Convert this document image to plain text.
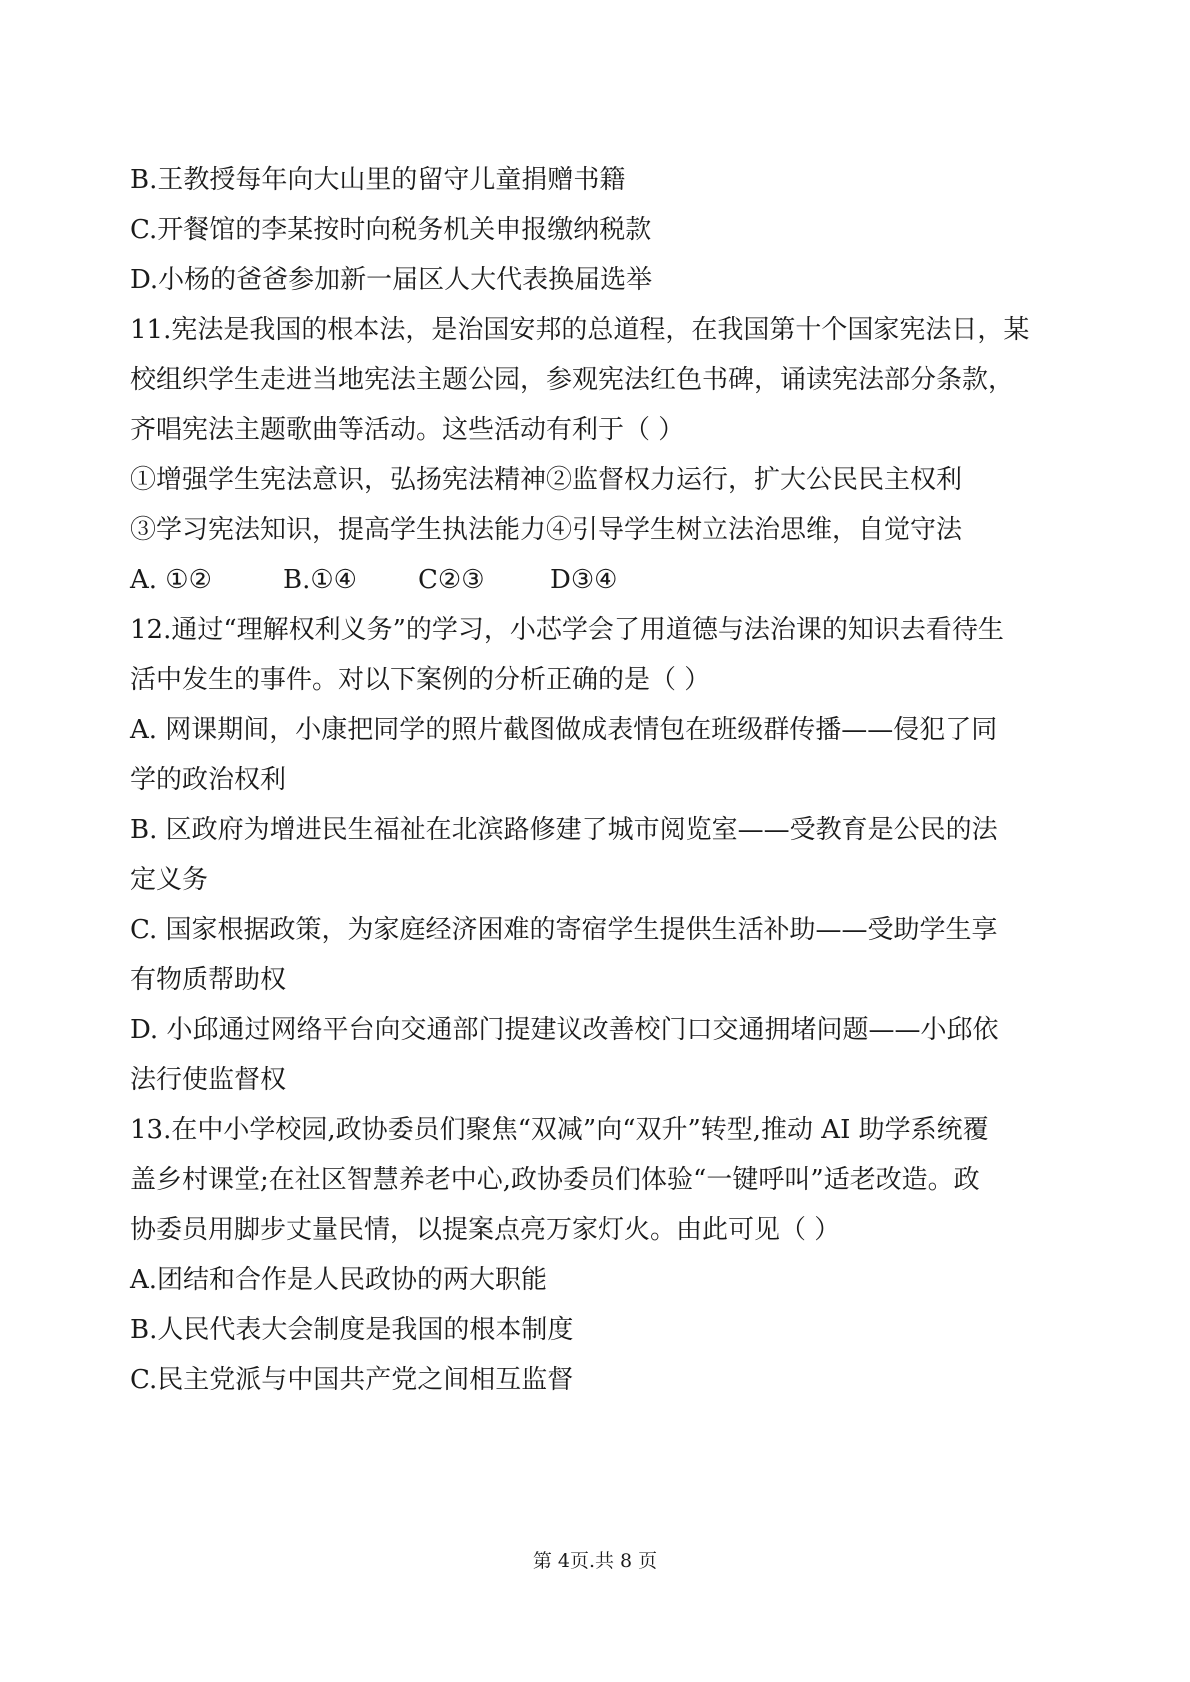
B.王教授每年向大山里的留守儿童捐赠书籍
C.开餐馆的李某按时向税务机关申报缴纳税款
D.小杨的爸爸参加新一届区人大代表换届选举
11.宪法是我国的根本法，是治国安邦的总道程，在我国第十个国家宪法日，某
校组织学生走进当地宪法主题公园，参观宪法红色书碑，诵读宪法部分条款，
齐唱宪法主题歌曲等活动。这些活动有利于（ ）
①增强学生宪法意识，弘扬宪法精神②监督权力运行，扩大公民民主权利
③学习宪法知识，提高学生执法能力④引导学生树立法治思维，自觉守法
A. ①②	B.①④ C②③	D③④
12.通过“理解权利义务”的学习，小芯学会了用道德与法治课的知识去看待生
活中发生的事件。对以下案例的分析正确的是（ ）
A. 网课期间，小康把同学的照片截图做成表情包在班级群传播——侵犯了同
学的政治权利
B. 区政府为增进民生福祉在北滨路修建了城市阅览室——受教育是公民的法
定义务
C. 国家根据政策，为家庭经济困难的寄宿学生提供生活补助——受助学生享
有物质帮助权
D. 小邱通过网络平台向交通部门提建议改善校门口交通拥堵问题——小邱依
法行使监督权
13.在中小学校园,政协委员们聚焦“双减”向“双升”转型,推动 AI 助学系统覆
盖乡村课堂;在社区智慧养老中心,政协委员们体验“一键呼叫”适老改造。政
协委员用脚步丈量民情，以提案点亮万家灯火。由此可见（ ）
A.团结和合作是人民政协的两大职能
B.人民代表大会制度是我国的根本制度
C.民主党派与中国共产党之间相互监督
第 4页.共 8 页
